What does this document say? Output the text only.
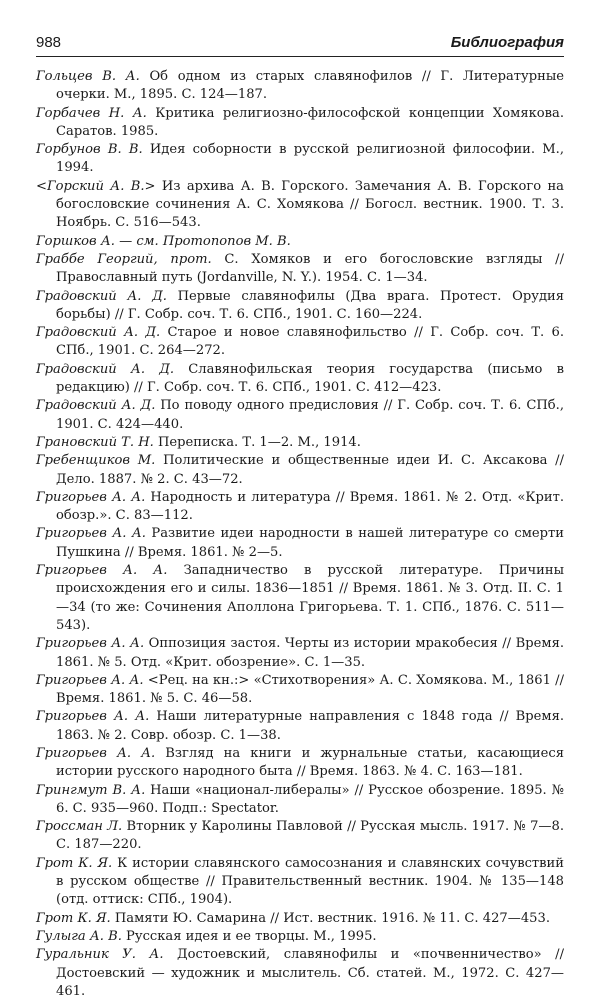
988	Библиография

Гольцев В. А. Об одном из старых славянофилов // Г. Литературные очерки. М., 1895. С. 124—187.

Горбачев Н. А. Критика религиозно-философской концепции Хомякова. Саратов. 1985.

Горбунов В. В. Идея соборности в русской религиозной философии. М., 1994.

<Горский А. В.> Из архива А. В. Горского. Замечания А. В. Горского на богословские сочинения А. С. Хомякова // Богосл. вестник. 1900. Т. 3. Ноябрь. С. 516—543.

Горшков А. — см. Протопопов М. В.

Граббе Георгий, прот. С. Хомяков и его богословские взгляды // Православный путь (Jordanville, N. Y.). 1954. С. 1—34.

Градовский А. Д. Первые славянофилы (Два врага. Протест. Орудия борьбы) // Г. Собр. соч. Т. 6. СПб., 1901. С. 160—224.

Градовский А. Д. Старое и новое славянофильство // Г. Собр. соч. Т. 6. СПб., 1901. С. 264—272.

Градовский А. Д. Славянофильская теория государства (письмо в редакцию) // Г. Собр. соч. Т. 6. СПб., 1901. С. 412—423.

Градовский А. Д. По поводу одного предисловия // Г. Собр. соч. Т. 6. СПб., 1901. С. 424—440.

Грановский Т. Н. Переписка. Т. 1—2. М., 1914.

Гребенщиков М. Политические и общественные идеи И. С. Аксакова // Дело. 1887. № 2. С. 43—72.

Григорьев А. А. Народность и литература // Время. 1861. № 2. Отд. «Крит. обозр.». С. 83—112.

Григорьев А. А. Развитие идеи народности в нашей литературе со смерти Пушкина // Время. 1861. № 2—5.

Григорьев А. А. Западничество в русской литературе. Причины происхождения его и силы. 1836—1851 // Время. 1861. № 3. Отд. II. С. 1—34 (то же: Сочинения Аполлона Григорьева. Т. 1. СПб., 1876. С. 511—543).

Григорьев А. А. Оппозиция застоя. Черты из истории мракобесия // Время. 1861. № 5. Отд. «Крит. обозрение». С. 1—35.

Григорьев А. А. <Рец. на кн.:> «Стихотворения» А. С. Хомякова. М., 1861 // Время. 1861. № 5. С. 46—58.

Григорьев А. А. Наши литературные направления с 1848 года // Время. 1863. № 2. Совр. обозр. С. 1—38.

Григорьев А. А. Взгляд на книги и журнальные статьи, касающиеся истории русского народного быта // Время. 1863. № 4. С. 163—181.

Грингмут В. А. Наши «национал-либералы» // Русское обозрение. 1895. № 6. С. 935—960. Подп.: Spectator.

Гроссман Л. Вторник у Каролины Павловой // Русская мысль. 1917. № 7—8. С. 187—220.

Грот К. Я. К истории славянского самосознания и славянских сочувствий в русском обществе // Правительственный вестник. 1904. № 135—148 (отд. оттиск: СПб., 1904).

Грот К. Я. Памяти Ю. Самарина // Ист. вестник. 1916. № 11. С. 427—453.

Гулыга А. В. Русская идея и ее творцы. М., 1995.

Гуральник У. А. Достоевский, славянофилы и «почвенничество» // Достоевский — художник и мыслитель. Сб. статей. М., 1972. С. 427—461.
